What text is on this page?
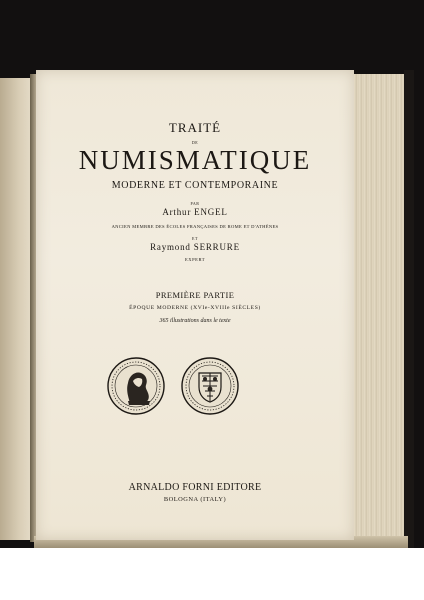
TRAITÉ
DE
NUMISMATIQUE
MODERNE ET CONTEMPORAINE
PAR
Arthur ENGEL
ANCIEN MEMBRE DES ÉCOLES FRANÇAISES DE ROME ET D'ATHÈNES
ET
Raymond SERRURE
EXPERT
PREMIÈRE PARTIE
ÉPOQUE MODERNE (XVIe-XVIIIe SIÈCLES)
365 illustrations dans le texte
ARNALDO FORNI EDITORE
BOLOGNA (ITALY)
